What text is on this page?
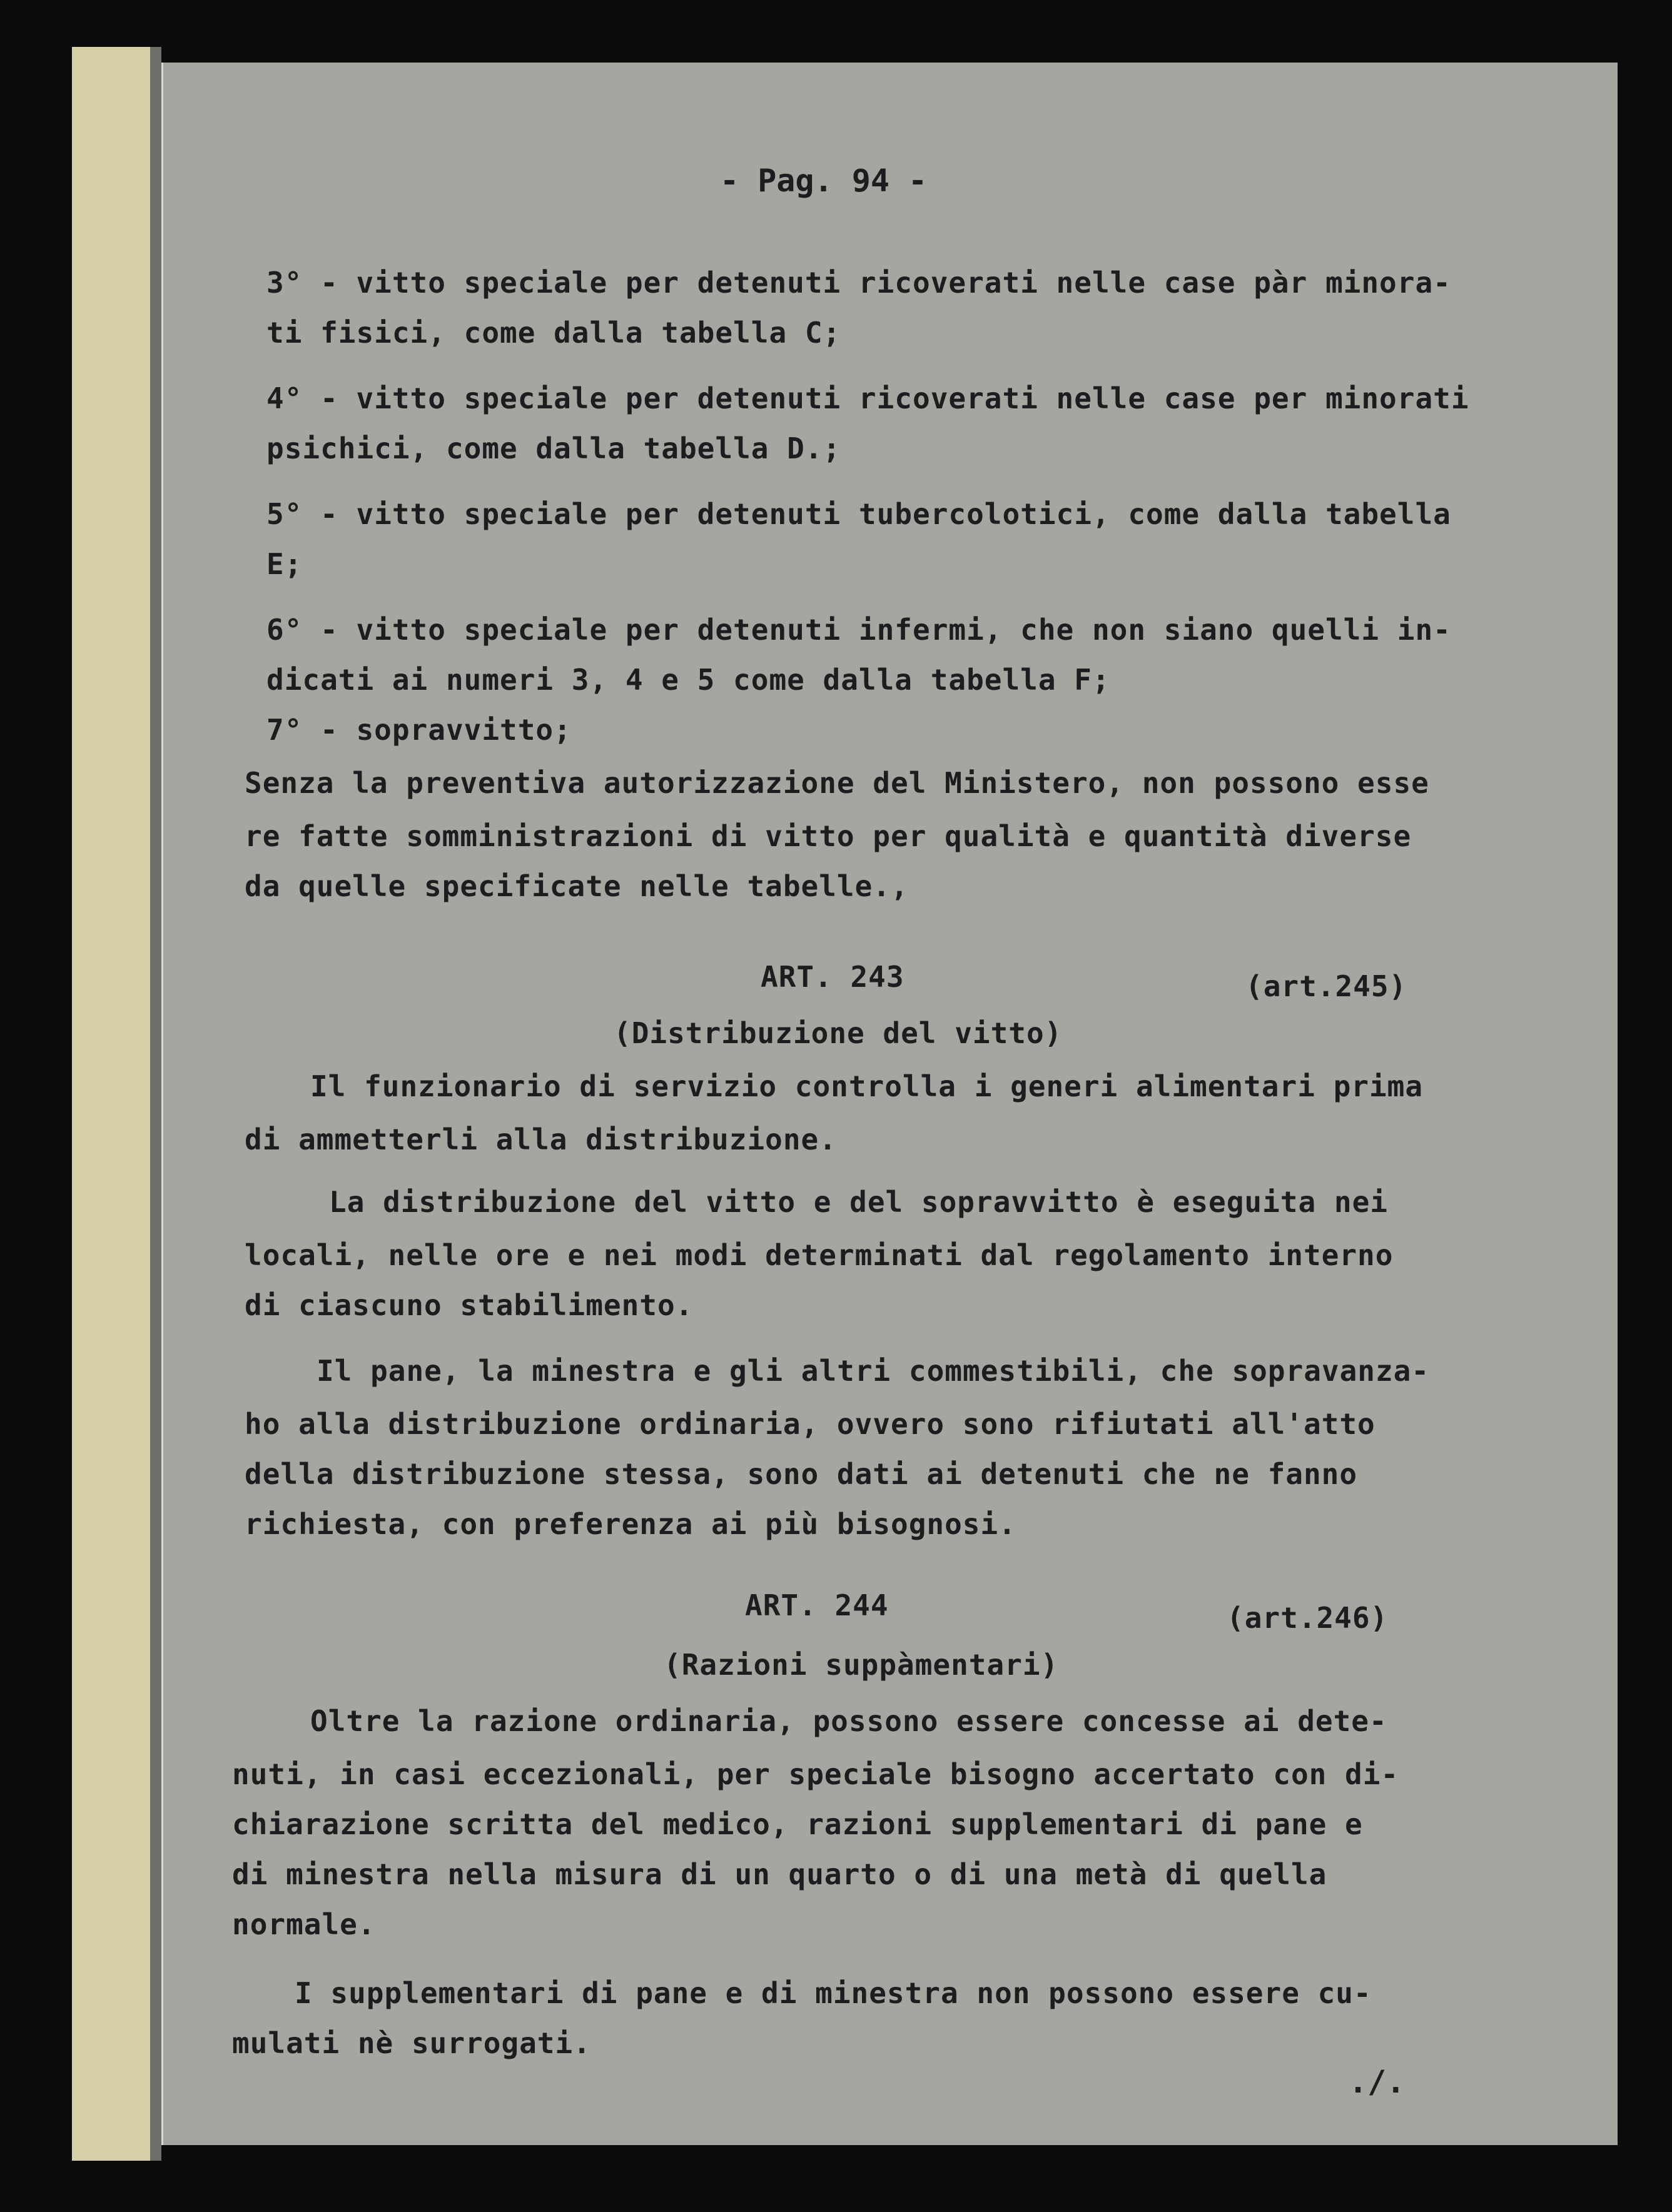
- Pag. 94 -
3° - vitto speciale per detenuti ricoverati nelle case pàr minora-
ti fisici, come dalla tabella C;
4° - vitto speciale per detenuti ricoverati nelle case per minorati
psichici, come dalla tabella D.;
5° - vitto speciale per detenuti tubercolotici, come dalla tabella
E;
6° - vitto speciale per detenuti infermi, che non siano quelli in-
dicati ai numeri 3, 4 e 5 come dalla tabella F;
7° - sopravvitto;
Senza la preventiva autorizzazione del Ministero, non possono esse
re fatte somministrazioni di vitto per qualità e quantità diverse
da quelle specificate nelle tabelle.,
ART. 243	(art.245)
(Distribuzione del vitto)
Il funzionario di servizio controlla i generi alimentari prima
di ammetterli alla distribuzione.
La distribuzione del vitto e del sopravvitto è eseguita nei
locali, nelle ore e nei modi determinati dal regolamento interno
di ciascuno stabilimento.
Il pane, la minestra e gli altri commestibili, che sopravanza-
ho alla distribuzione ordinaria, ovvero sono rifiutati all'atto
della distribuzione stessa, sono dati ai detenuti che ne fanno
richiesta, con preferenza ai più bisognosi.
ART. 244	(art.246)
(Razioni suppàmentari)
Oltre la razione ordinaria, possono essere concesse ai dete-
nuti, in casi eccezionali, per speciale bisogno accertato con di-
chiarazione scritta del medico, razioni supplementari di pane e
di minestra nella misura di un quarto o di una metà di quella
normale.
I supplementari di pane e di minestra non possono essere cu-
mulati nè surrogati.
./.
